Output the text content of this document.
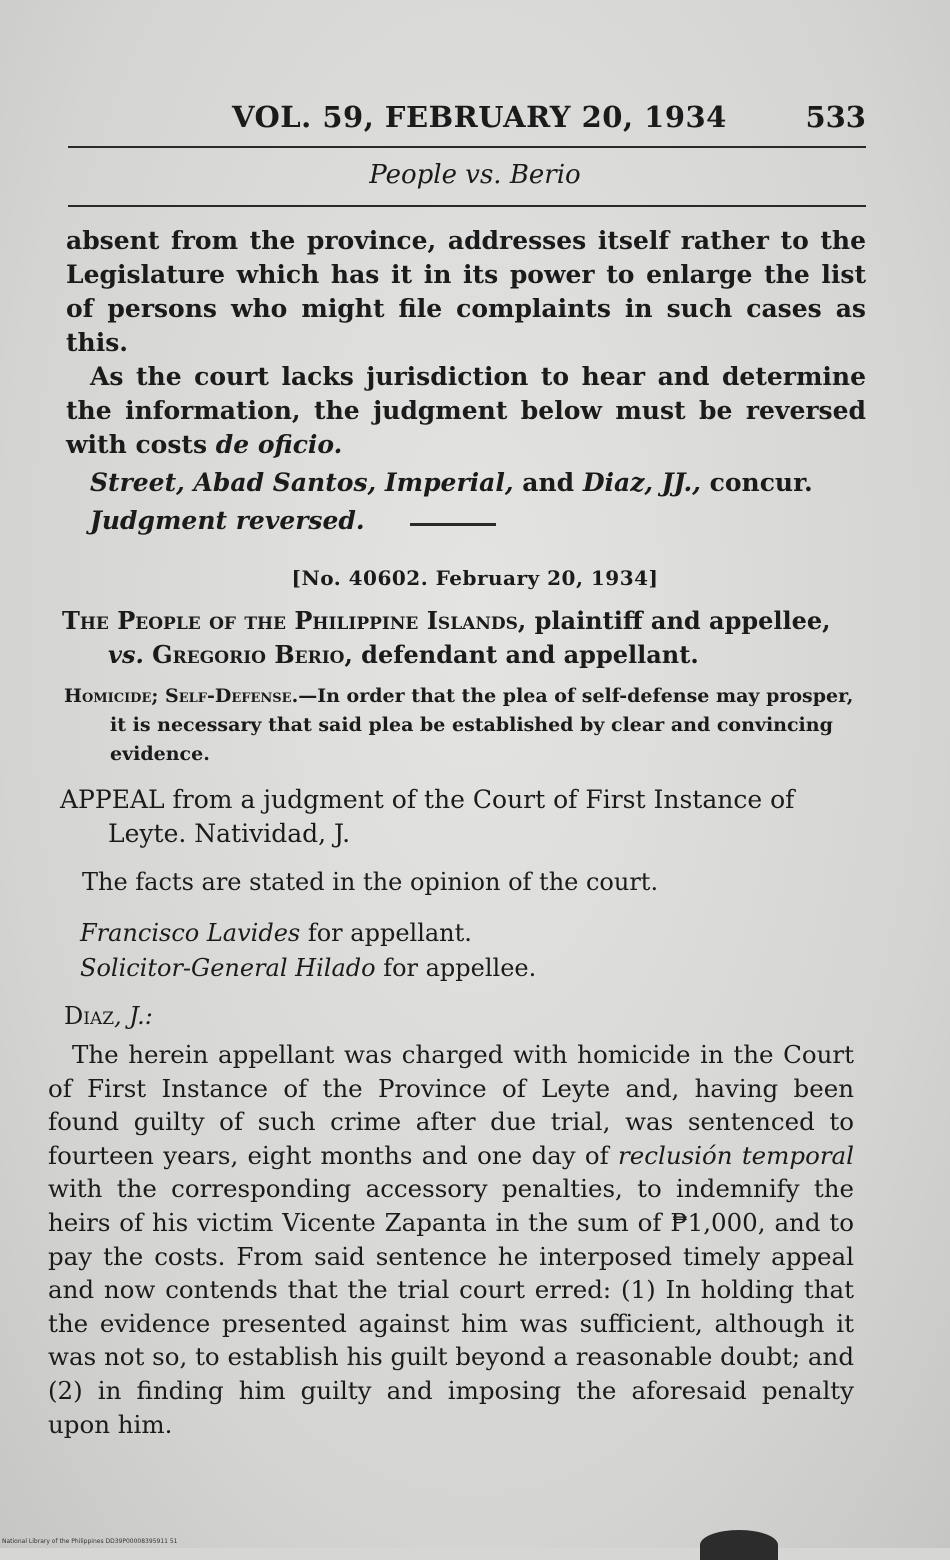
VOL. 59, FEBRUARY 20, 1934	533
People vs. Berio

absent from the province, addresses itself rather to the Legislature which has it in its power to enlarge the list of persons who might file complaints in such cases as this.

As the court lacks jurisdiction to hear and determine the information, the judgment below must be reversed with costs de oficio.

Street, Abad Santos, Imperial, and Diaz, JJ., concur.

Judgment reversed.

[No. 40602. February 20, 1934]
The People of the Philippine Islands, plaintiff and appellee, vs. Gregorio Berio, defendant and appellant.
Homicide; Self-Defense.—In order that the plea of self-defense may prosper, it is necessary that said plea be established by clear and convincing evidence.
APPEAL from a judgment of the Court of First Instance of Leyte. Natividad, J.
The facts are stated in the opinion of the court.
Francisco Lavides for appellant.
Solicitor-General Hilado for appellee.
Diaz, J.:

The herein appellant was charged with homicide in the Court of First Instance of the Province of Leyte and, having been found guilty of such crime after due trial, was sentenced to fourteen years, eight months and one day of reclusión temporal with the corresponding accessory penalties, to indemnify the heirs of his victim Vicente Zapanta in the sum of ₱1,000, and to pay the costs. From said sentence he interposed timely appeal and now contends that the trial court erred: (1) In holding that the evidence presented against him was sufficient, although it was not so, to establish his guilt beyond a reasonable doubt; and (2) in finding him guilty and imposing the aforesaid penalty upon him.

National Library of the Philippines DD39P00008395911 51
